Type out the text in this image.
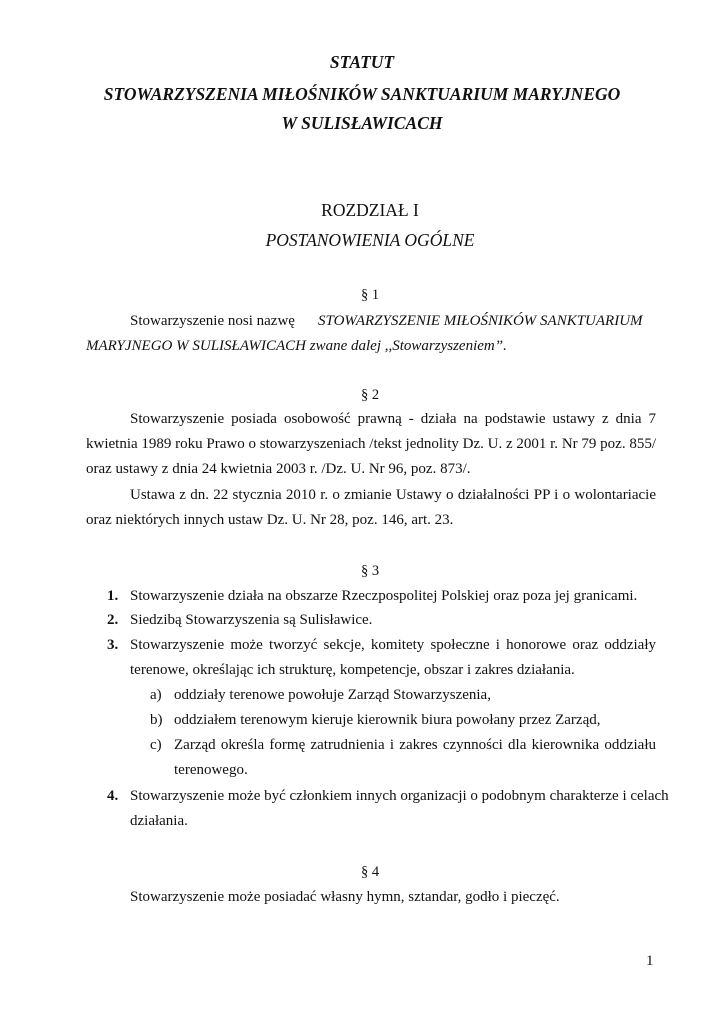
STATUT
STOWARZYSZENIA MIŁOŚNIKÓW SANKTUARIUM MARYJNEGO
W SULISŁAWICACH
ROZDZIAŁ I
POSTANOWIENIA OGÓLNE
§ 1
Stowarzyszenie nosi nazwę STOWARZYSZENIE MIŁOŚNIKÓW SANKTUARIUM
MARYJNEGO W SULISŁAWICACH zwane dalej ,,Stowarzyszeniem”.
§ 2
Stowarzyszenie posiada osobowość prawną - działa na podstawie ustawy z dnia 7
kwietnia 1989 roku Prawo o stowarzyszeniach /tekst jednolity Dz. U. z 2001 r. Nr 79 poz. 855/
oraz ustawy z dnia 24 kwietnia 2003 r. /Dz. U. Nr 96, poz. 873/.
Ustawa z dn. 22 stycznia 2010 r. o zmianie Ustawy o działalności PP i o wolontariacie
oraz niektórych innych ustaw Dz. U. Nr 28, poz. 146, art. 23.
§ 3
1. Stowarzyszenie działa na obszarze Rzeczpospolitej Polskiej oraz poza jej granicami.
2. Siedzibą Stowarzyszenia są Sulisławice.
3. Stowarzyszenie może tworzyć sekcje, komitety społeczne i honorowe oraz oddziały
terenowe, określając ich strukturę, kompetencje, obszar i zakres działania.
a) oddziały terenowe powołuje Zarząd Stowarzyszenia,
b) oddziałem terenowym kieruje kierownik biura powołany przez Zarząd,
c) Zarząd określa formę zatrudnienia i zakres czynności dla kierownika oddziału
terenowego.
4. Stowarzyszenie może być członkiem innych organizacji o podobnym charakterze i celach
działania.
§ 4
Stowarzyszenie może posiadać własny hymn, sztandar, godło i pieczęć.
1
